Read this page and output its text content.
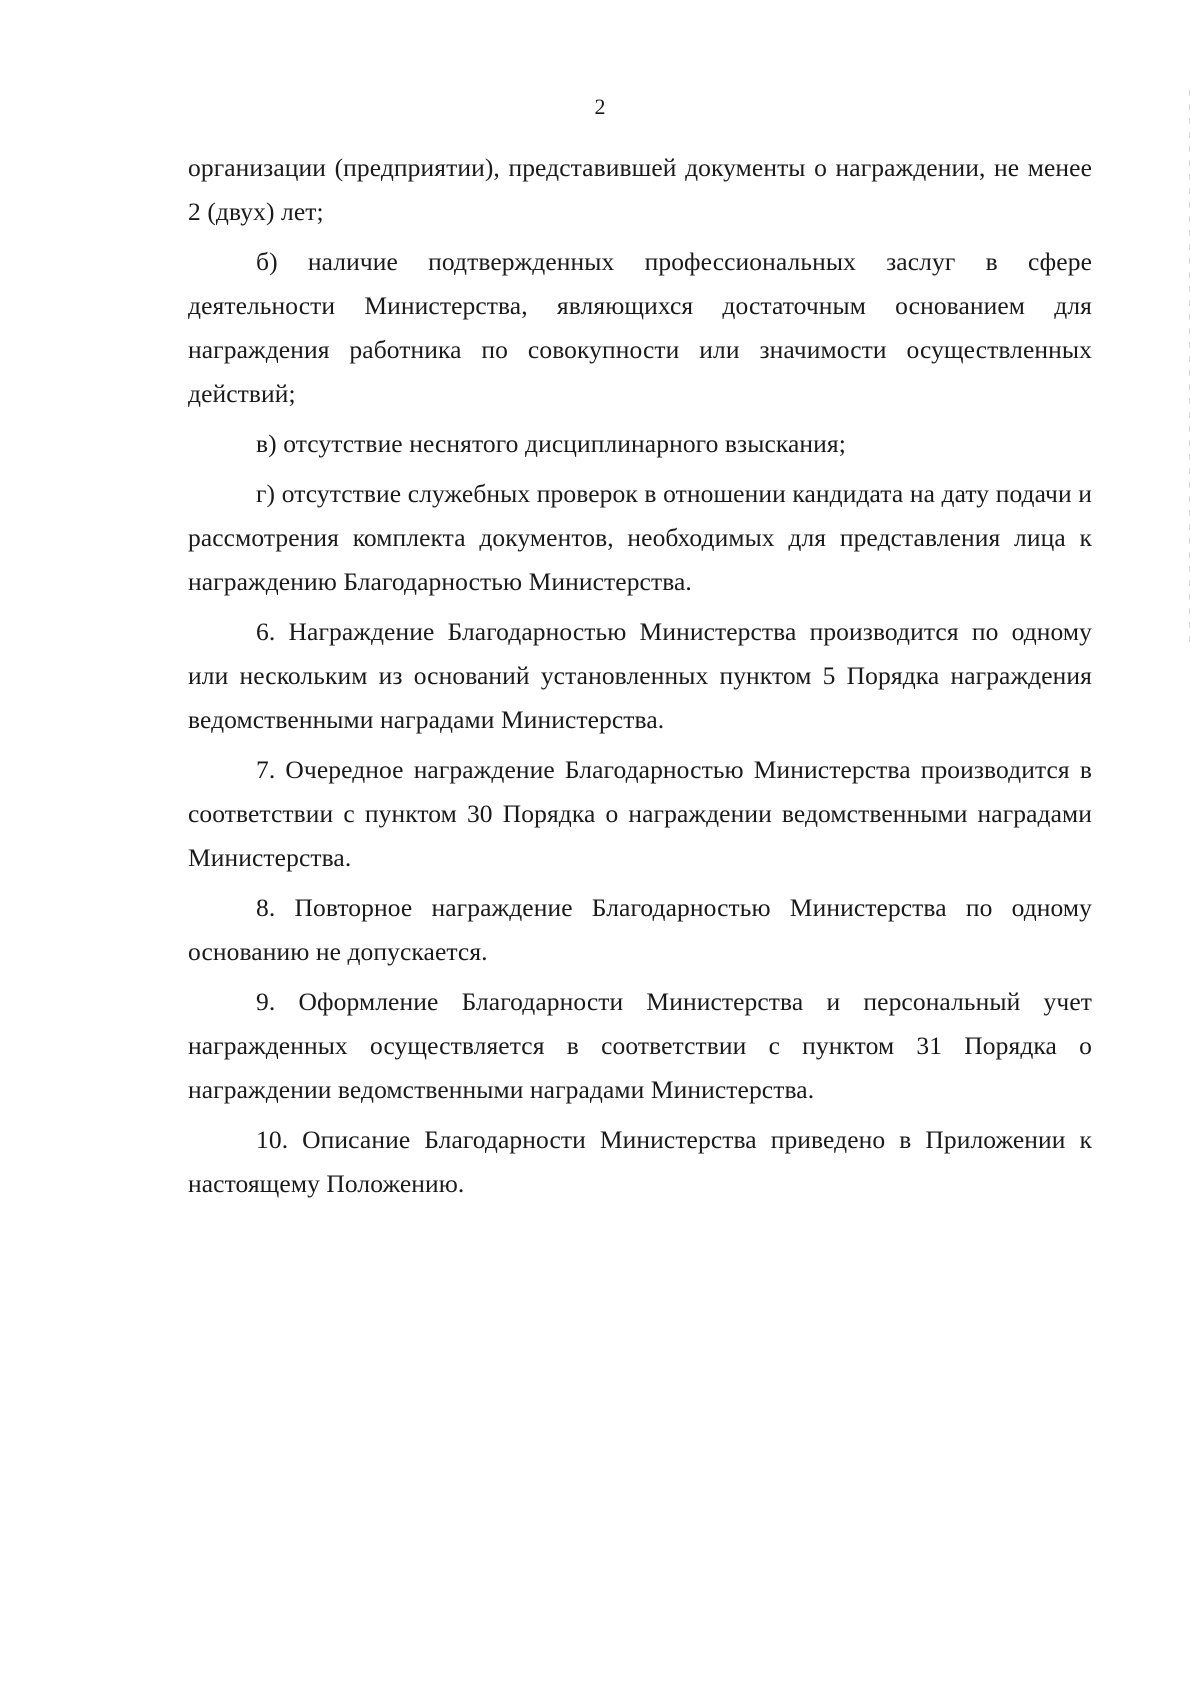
2

организации (предприятии), представившей документы о награждении, не менее 2 (двух) лет;

б) наличие подтвержденных профессиональных заслуг в сфере деятельности Министерства, являющихся достаточным основанием для награждения работника по совокупности или значимости осуществленных действий;

в) отсутствие неснятого дисциплинарного взыскания;

г) отсутствие служебных проверок в отношении кандидата на дату подачи и рассмотрения комплекта документов, необходимых для представления лица к награждению Благодарностью Министерства.

6. Награждение Благодарностью Министерства производится по одному или нескольким из оснований установленных пунктом 5 Порядка награждения ведомственными наградами Министерства.

7. Очередное награждение Благодарностью Министерства производится в соответствии с пунктом 30 Порядка о награждении ведомственными наградами Министерства.

8. Повторное награждение Благодарностью Министерства по одному основанию не допускается.

9. Оформление Благодарности Министерства и персональный учет награжденных осуществляется в соответствии с пунктом 31 Порядка о награждении ведомственными наградами Министерства.

10. Описание Благодарности Министерства приведено в Приложении к настоящему Положению.
